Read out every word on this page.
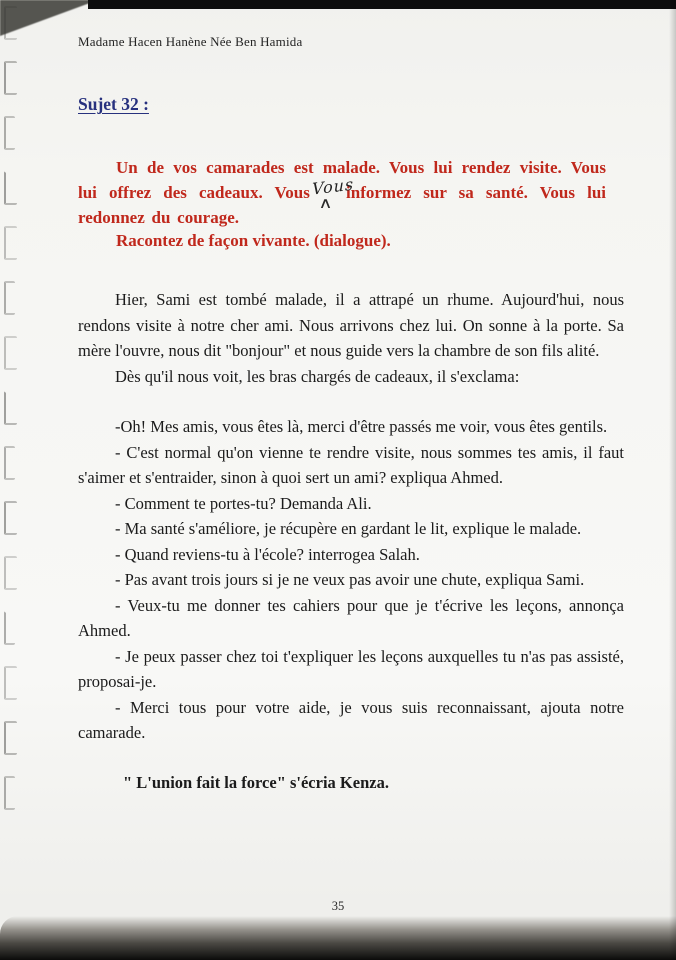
Madame Hacen Hanène Née Ben Hamida
Sujet 32 :

Un de vos camarades est malade. Vous lui rendez visite. Vous lui offrez des cadeaux. Vous
∧
Vous
informez sur sa santé. Vous lui redonnez du courage.

Racontez de façon vivante. (dialogue).

Hier, Sami est tombé malade, il a attrapé un rhume. Aujourd'hui, nous rendons visite à notre cher ami. Nous arrivons chez lui. On sonne à la porte. Sa mère l'ouvre, nous dit "bonjour" et nous guide vers la chambre de son fils alité.

Dès qu'il nous voit, les bras chargés de cadeaux, il s'exclama:

-Oh! Mes amis, vous êtes là, merci d'être passés me voir, vous êtes gentils.

- C'est normal qu'on vienne te rendre visite, nous sommes tes amis, il faut s'aimer et s'entraider, sinon à quoi sert un ami? expliqua Ahmed.

- Comment te portes-tu? Demanda Ali.

- Ma santé s'améliore, je récupère en gardant le lit, explique le malade.

- Quand reviens-tu à l'école? interrogea Salah.

- Pas avant trois jours si je ne veux pas avoir une chute, expliqua Sami.

- Veux-tu me donner tes cahiers pour que je t'écrive les leçons, annonça Ahmed.

- Je peux passer chez toi t'expliquer les leçons auxquelles tu n'as pas assisté, proposai-je.

- Merci tous pour votre aide, je vous suis reconnaissant, ajouta notre camarade.

" L'union fait la force" s'écria Kenza.

35
